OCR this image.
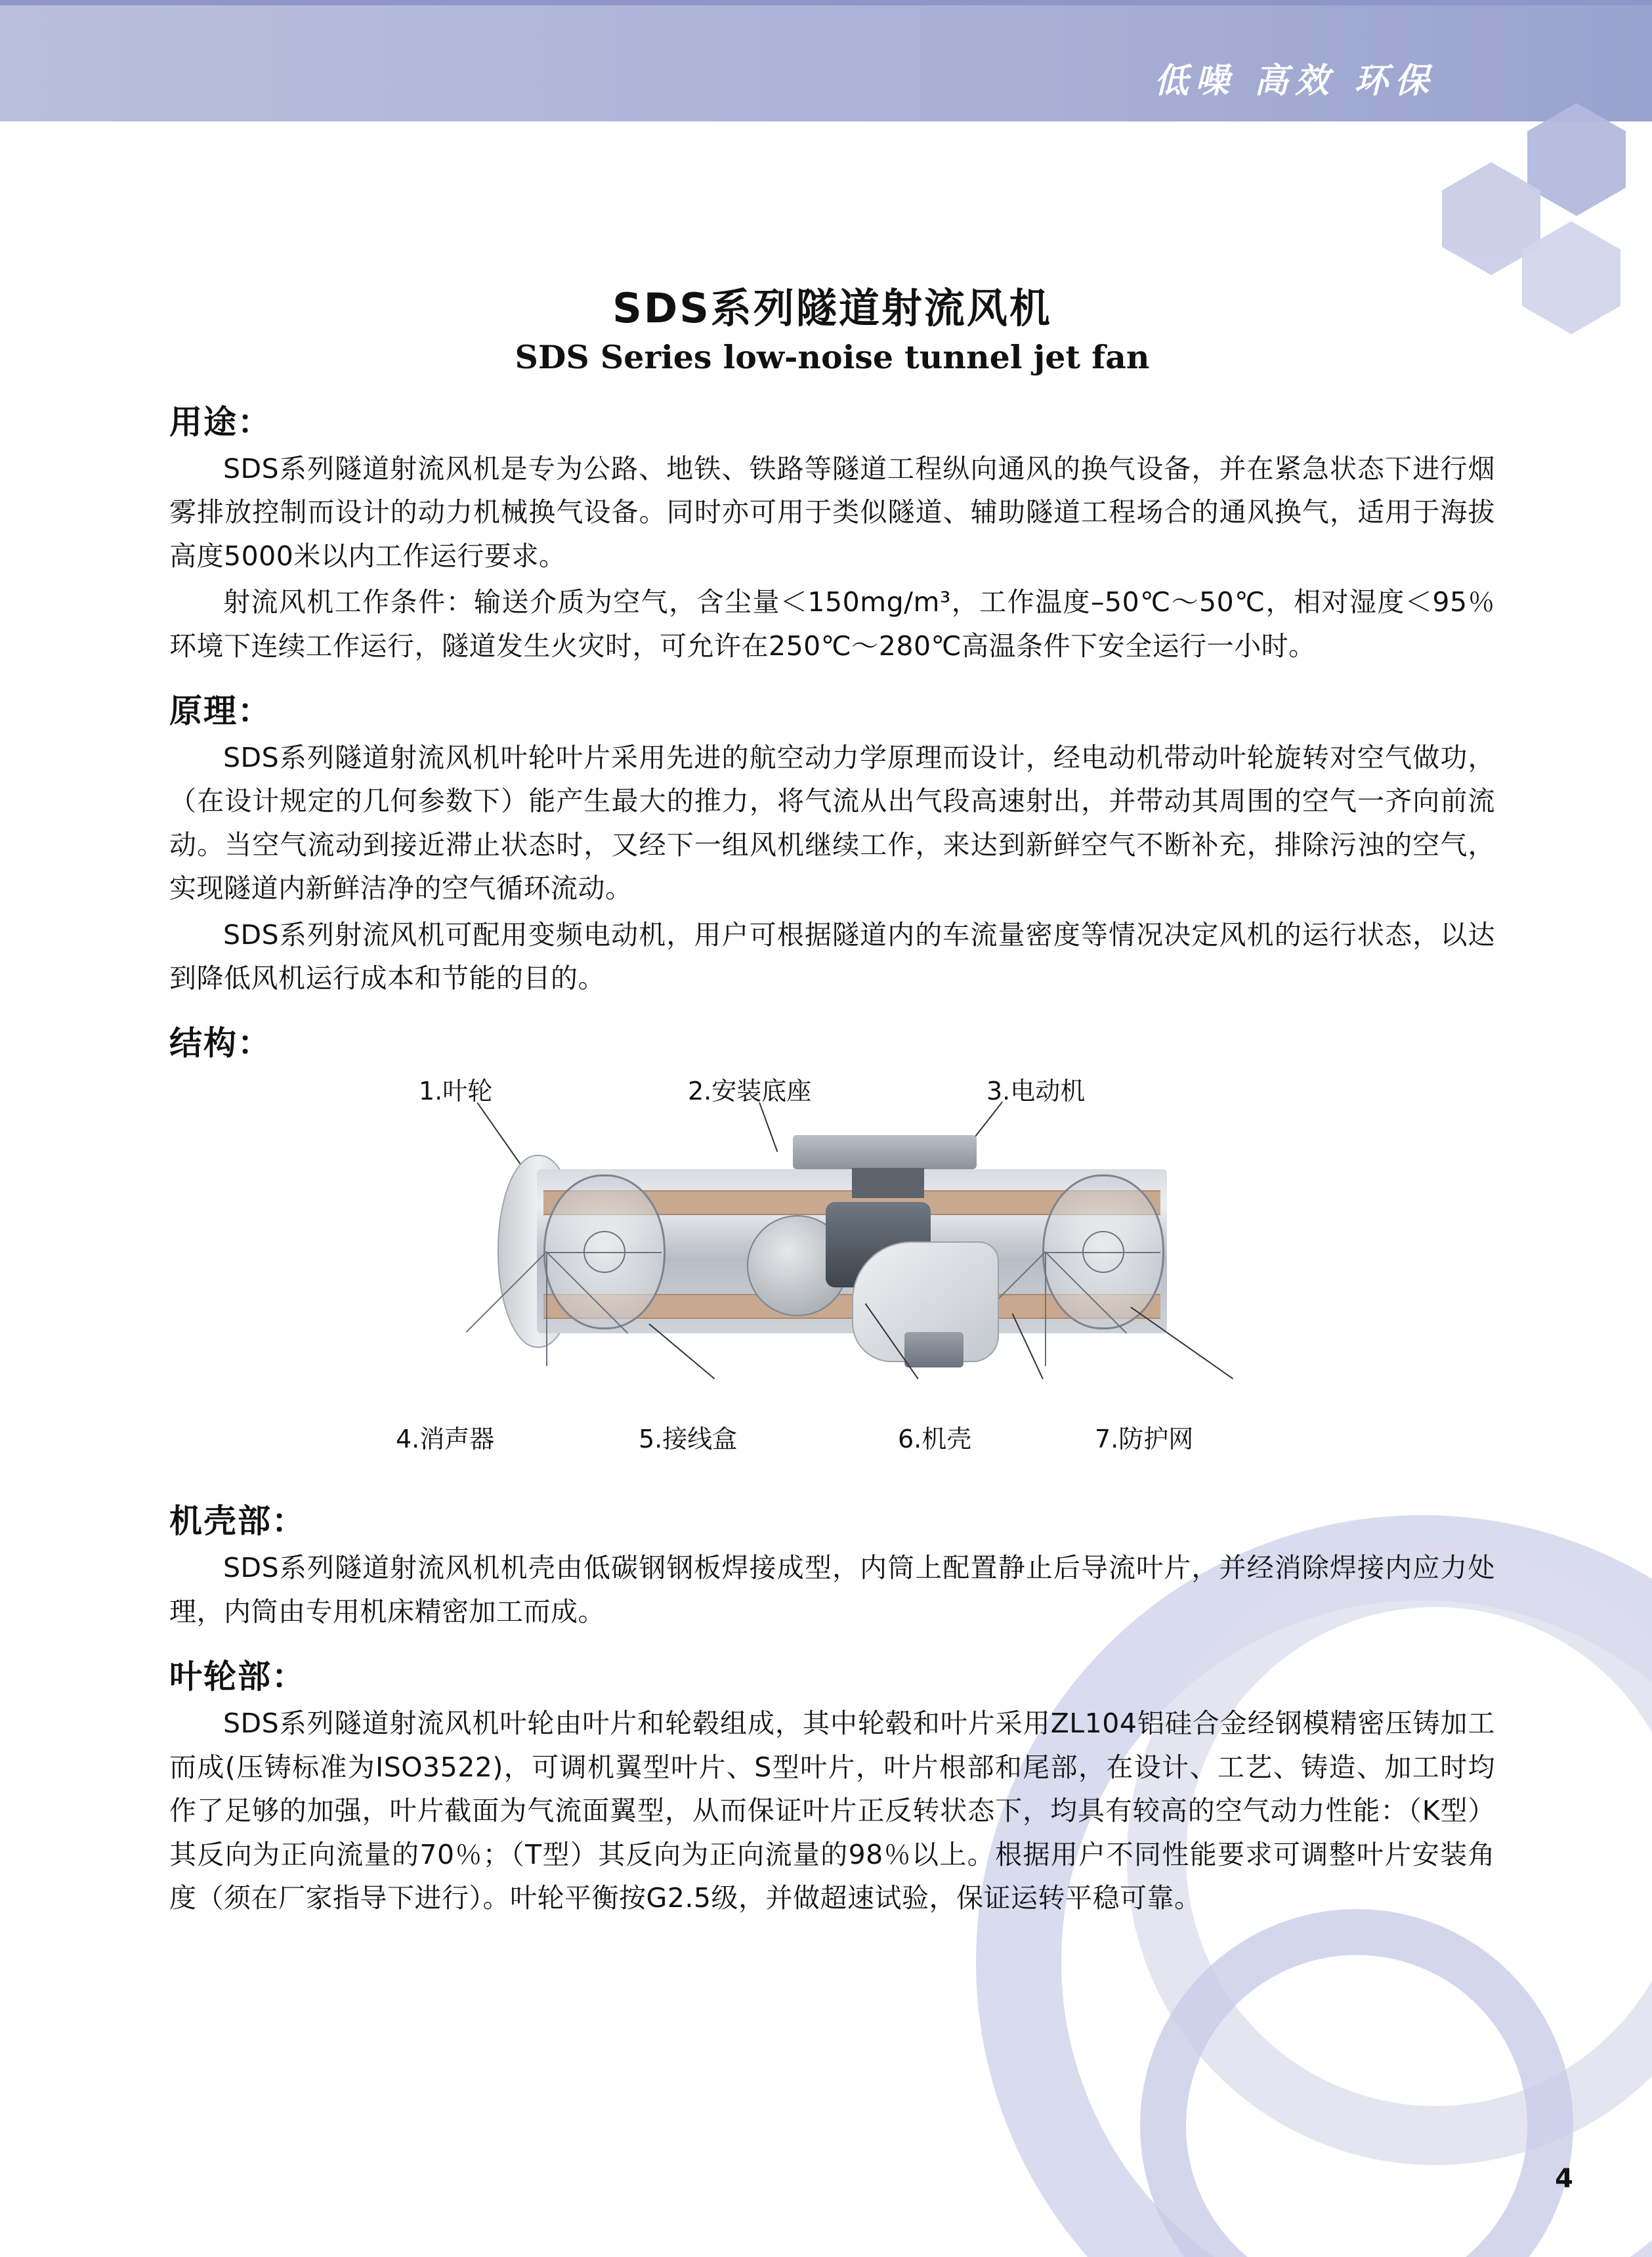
低噪 高效 环保
SDS系列隧道射流风机
SDS Series low-noise tunnel jet fan
用途：

SDS系列隧道射流风机是专为公路、地铁、铁路等隧道工程纵向通风的换气设备，并在紧急状态下进行烟雾排放控制而设计的动力机械换气设备。同时亦可用于类似隧道、辅助隧道工程场合的通风换气，适用于海拔高度5000米以内工作运行要求。

射流风机工作条件：输送介质为空气，含尘量＜150mg/m³，工作温度–50℃～50℃，相对湿度＜95％环境下连续工作运行，隧道发生火灾时，可允许在250℃～280℃高温条件下安全运行一小时。

原理：

SDS系列隧道射流风机叶轮叶片采用先进的航空动力学原理而设计，经电动机带动叶轮旋转对空气做功，（在设计规定的几何参数下）能产生最大的推力，将气流从出气段高速射出，并带动其周围的空气一齐向前流动。当空气流动到接近滞止状态时，又经下一组风机继续工作，来达到新鲜空气不断补充，排除污浊的空气，实现隧道内新鲜洁净的空气循环流动。

SDS系列射流风机可配用变频电动机，用户可根据隧道内的车流量密度等情况决定风机的运行状态，以达到降低风机运行成本和节能的目的。

结构：
1.叶轮	2.安装底座	3.电动机
4.消声器	5.接线盒	6.机壳	7.防护网
机壳部：

SDS系列隧道射流风机机壳由低碳钢钢板焊接成型，内筒上配置静止后导流叶片，并经消除焊接内应力处理，内筒由专用机床精密加工而成。

叶轮部：

SDS系列隧道射流风机叶轮由叶片和轮毂组成，其中轮毂和叶片采用ZL104铝硅合金经钢模精密压铸加工而成(压铸标准为ISO3522)，可调机翼型叶片、S型叶片，叶片根部和尾部，在设计、工艺、铸造、加工时均作了足够的加强，叶片截面为气流面翼型，从而保证叶片正反转状态下，均具有较高的空气动力性能：（K型）其反向为正向流量的70％；（T型）其反向为正向流量的98％以上。根据用户不同性能要求可调整叶片安装角度（须在厂家指导下进行）。叶轮平衡按G2.5级，并做超速试验，保证运转平稳可靠。

4
